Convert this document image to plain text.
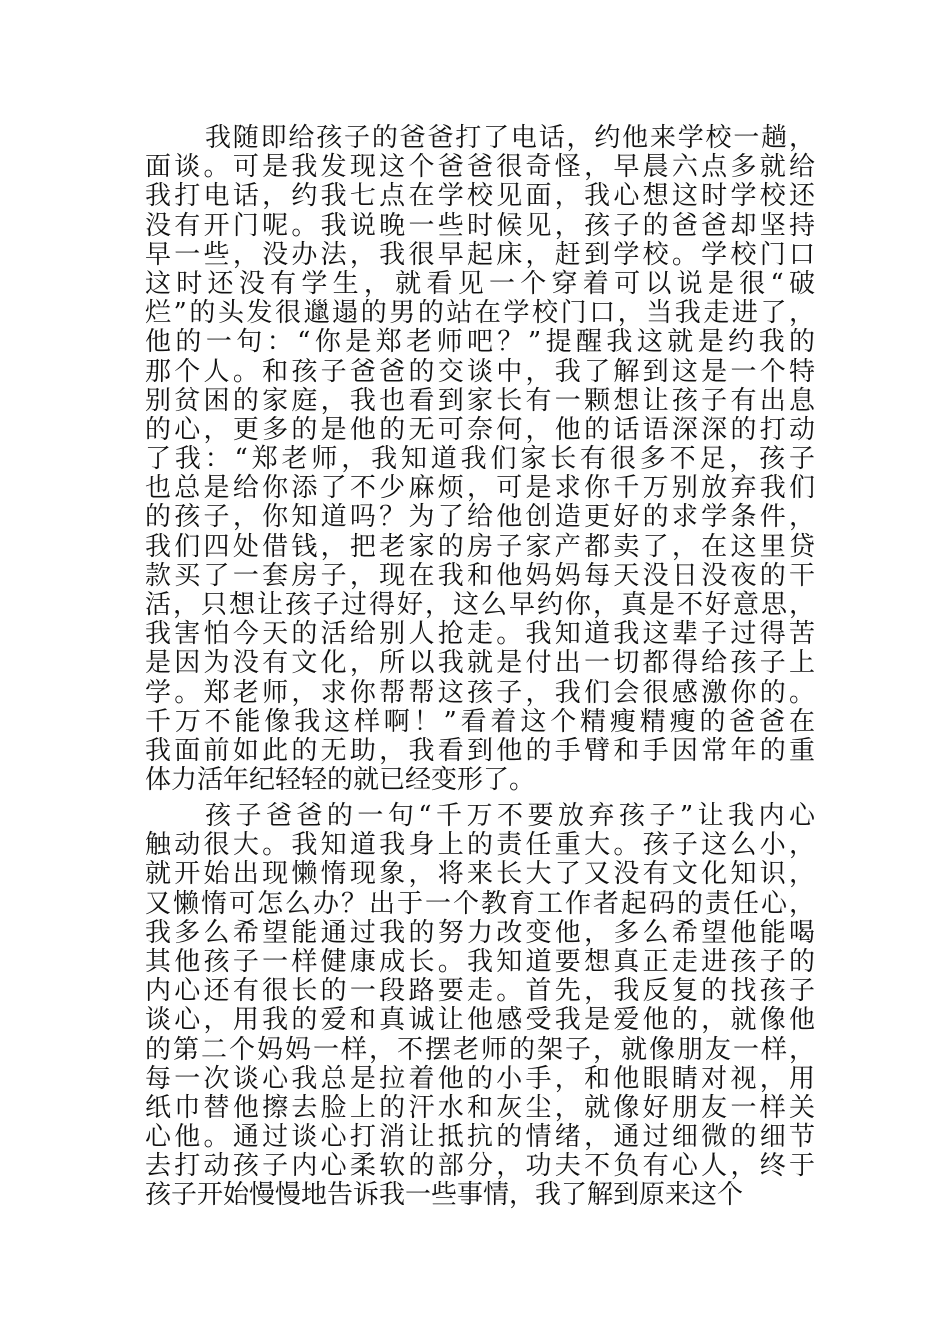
我随即给孩子的爸爸打了电话，约他来学校一趟，
面谈。可是我发现这个爸爸很奇怪，早晨六点多就给
我打电话，约我七点在学校见面，我心想这时学校还
没有开门呢。我说晚一些时候见，孩子的爸爸却坚持
早一些，没办法，我很早起床，赶到学校。学校门口
这时还没有学生，就看见一个穿着可以说是很“破
烂”的头发很邋遢的男的站在学校门口，当我走进了，
他的一句：“你是郑老师吧？”提醒我这就是约我的
那个人。和孩子爸爸的交谈中，我了解到这是一个特
别贫困的家庭，我也看到家长有一颗想让孩子有出息
的心，更多的是他的无可奈何，他的话语深深的打动
了我：“郑老师，我知道我们家长有很多不足，孩子
也总是给你添了不少麻烦，可是求你千万别放弃我们
的孩子，你知道吗？为了给他创造更好的求学条件，
我们四处借钱，把老家的房子家产都卖了，在这里贷
款买了一套房子，现在我和他妈妈每天没日没夜的干
活，只想让孩子过得好，这么早约你，真是不好意思，
我害怕今天的活给别人抢走。我知道我这辈子过得苦
是因为没有文化，所以我就是付出一切都得给孩子上
学。郑老师，求你帮帮这孩子，我们会很感激你的。
千万不能像我这样啊！”看着这个精瘦精瘦的爸爸在
我面前如此的无助，我看到他的手臂和手因常年的重
体力活年纪轻轻的就已经变形了。
孩子爸爸的一句“千万不要放弃孩子”让我内心
触动很大。我知道我身上的责任重大。孩子这么小，
就开始出现懒惰现象，将来长大了又没有文化知识，
又懒惰可怎么办？出于一个教育工作者起码的责任心，
我多么希望能通过我的努力改变他，多么希望他能喝
其他孩子一样健康成长。我知道要想真正走进孩子的
内心还有很长的一段路要走。首先，我反复的找孩子
谈心，用我的爱和真诚让他感受我是爱他的，就像他
的第二个妈妈一样，不摆老师的架子，就像朋友一样，
每一次谈心我总是拉着他的小手，和他眼睛对视，用
纸巾替他擦去脸上的汗水和灰尘，就像好朋友一样关
心他。通过谈心打消让抵抗的情绪，通过细微的细节
去打动孩子内心柔软的部分，功夫不负有心人，终于
孩子开始慢慢地告诉我一些事情，我了解到原来这个
